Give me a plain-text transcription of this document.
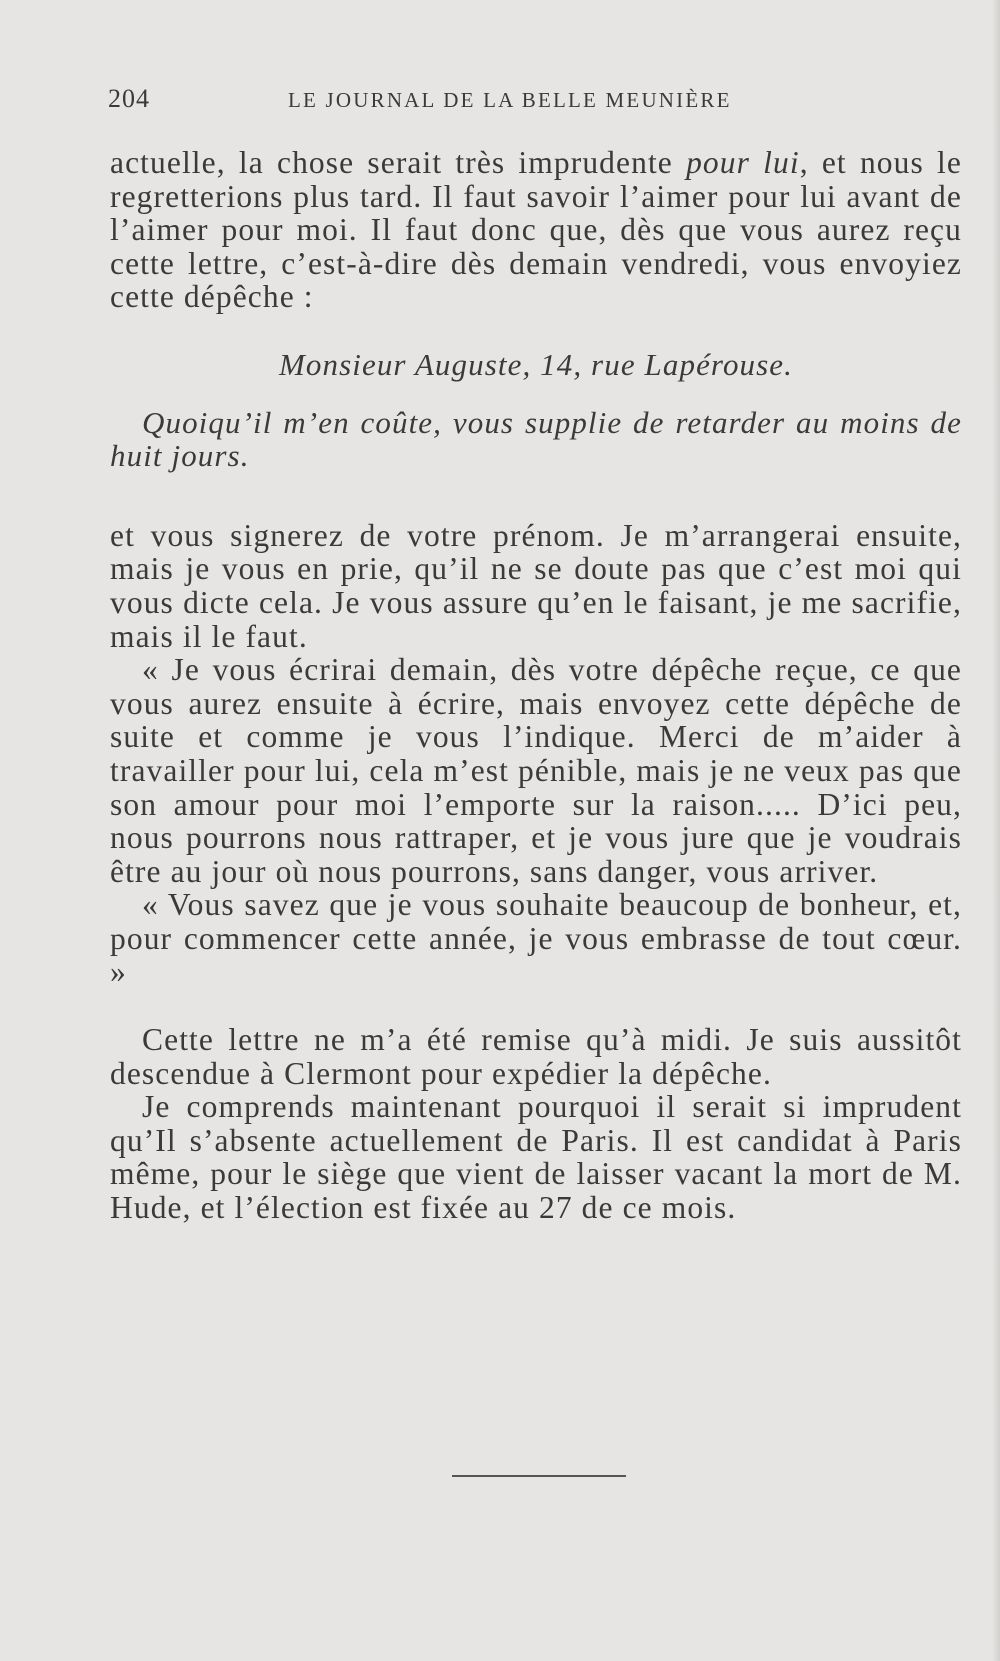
204	LE JOURNAL DE LA BELLE MEUNIÈRE

actuelle, la chose serait très imprudente pour lui, et nous le regretterions plus tard. Il faut savoir l’aimer pour lui avant de l’aimer pour moi. Il faut donc que, dès que vous aurez reçu cette lettre, c’est-à-dire dès demain vendredi, vous envoyiez cette dépêche :

Monsieur Auguste, 14, rue Lapérouse.

Quoiqu’il m’en coûte, vous supplie de retarder au moins de huit jours.

et vous signerez de votre prénom. Je m’arrangerai ensuite, mais je vous en prie, qu’il ne se doute pas que c’est moi qui vous dicte cela. Je vous assure qu’en le faisant, je me sacrifie, mais il le faut.

« Je vous écrirai demain, dès votre dépêche reçue, ce que vous aurez ensuite à écrire, mais envoyez cette dépêche de suite et comme je vous l’indique. Merci de m’aider à travailler pour lui, cela m’est pénible, mais je ne veux pas que son amour pour moi l’emporte sur la raison..... D’ici peu, nous pourrons nous rattraper, et je vous jure que je voudrais être au jour où nous pourrons, sans danger, vous arriver.

« Vous savez que je vous souhaite beaucoup de bonheur, et, pour commencer cette année, je vous embrasse de tout cœur. »

Cette lettre ne m’a été remise qu’à midi. Je suis aussitôt descendue à Clermont pour expédier la dépêche.

Je comprends maintenant pourquoi il serait si imprudent qu’Il s’absente actuellement de Paris. Il est candidat à Paris même, pour le siège que vient de laisser vacant la mort de M. Hude, et l’élection est fixée au 27 de ce mois.
